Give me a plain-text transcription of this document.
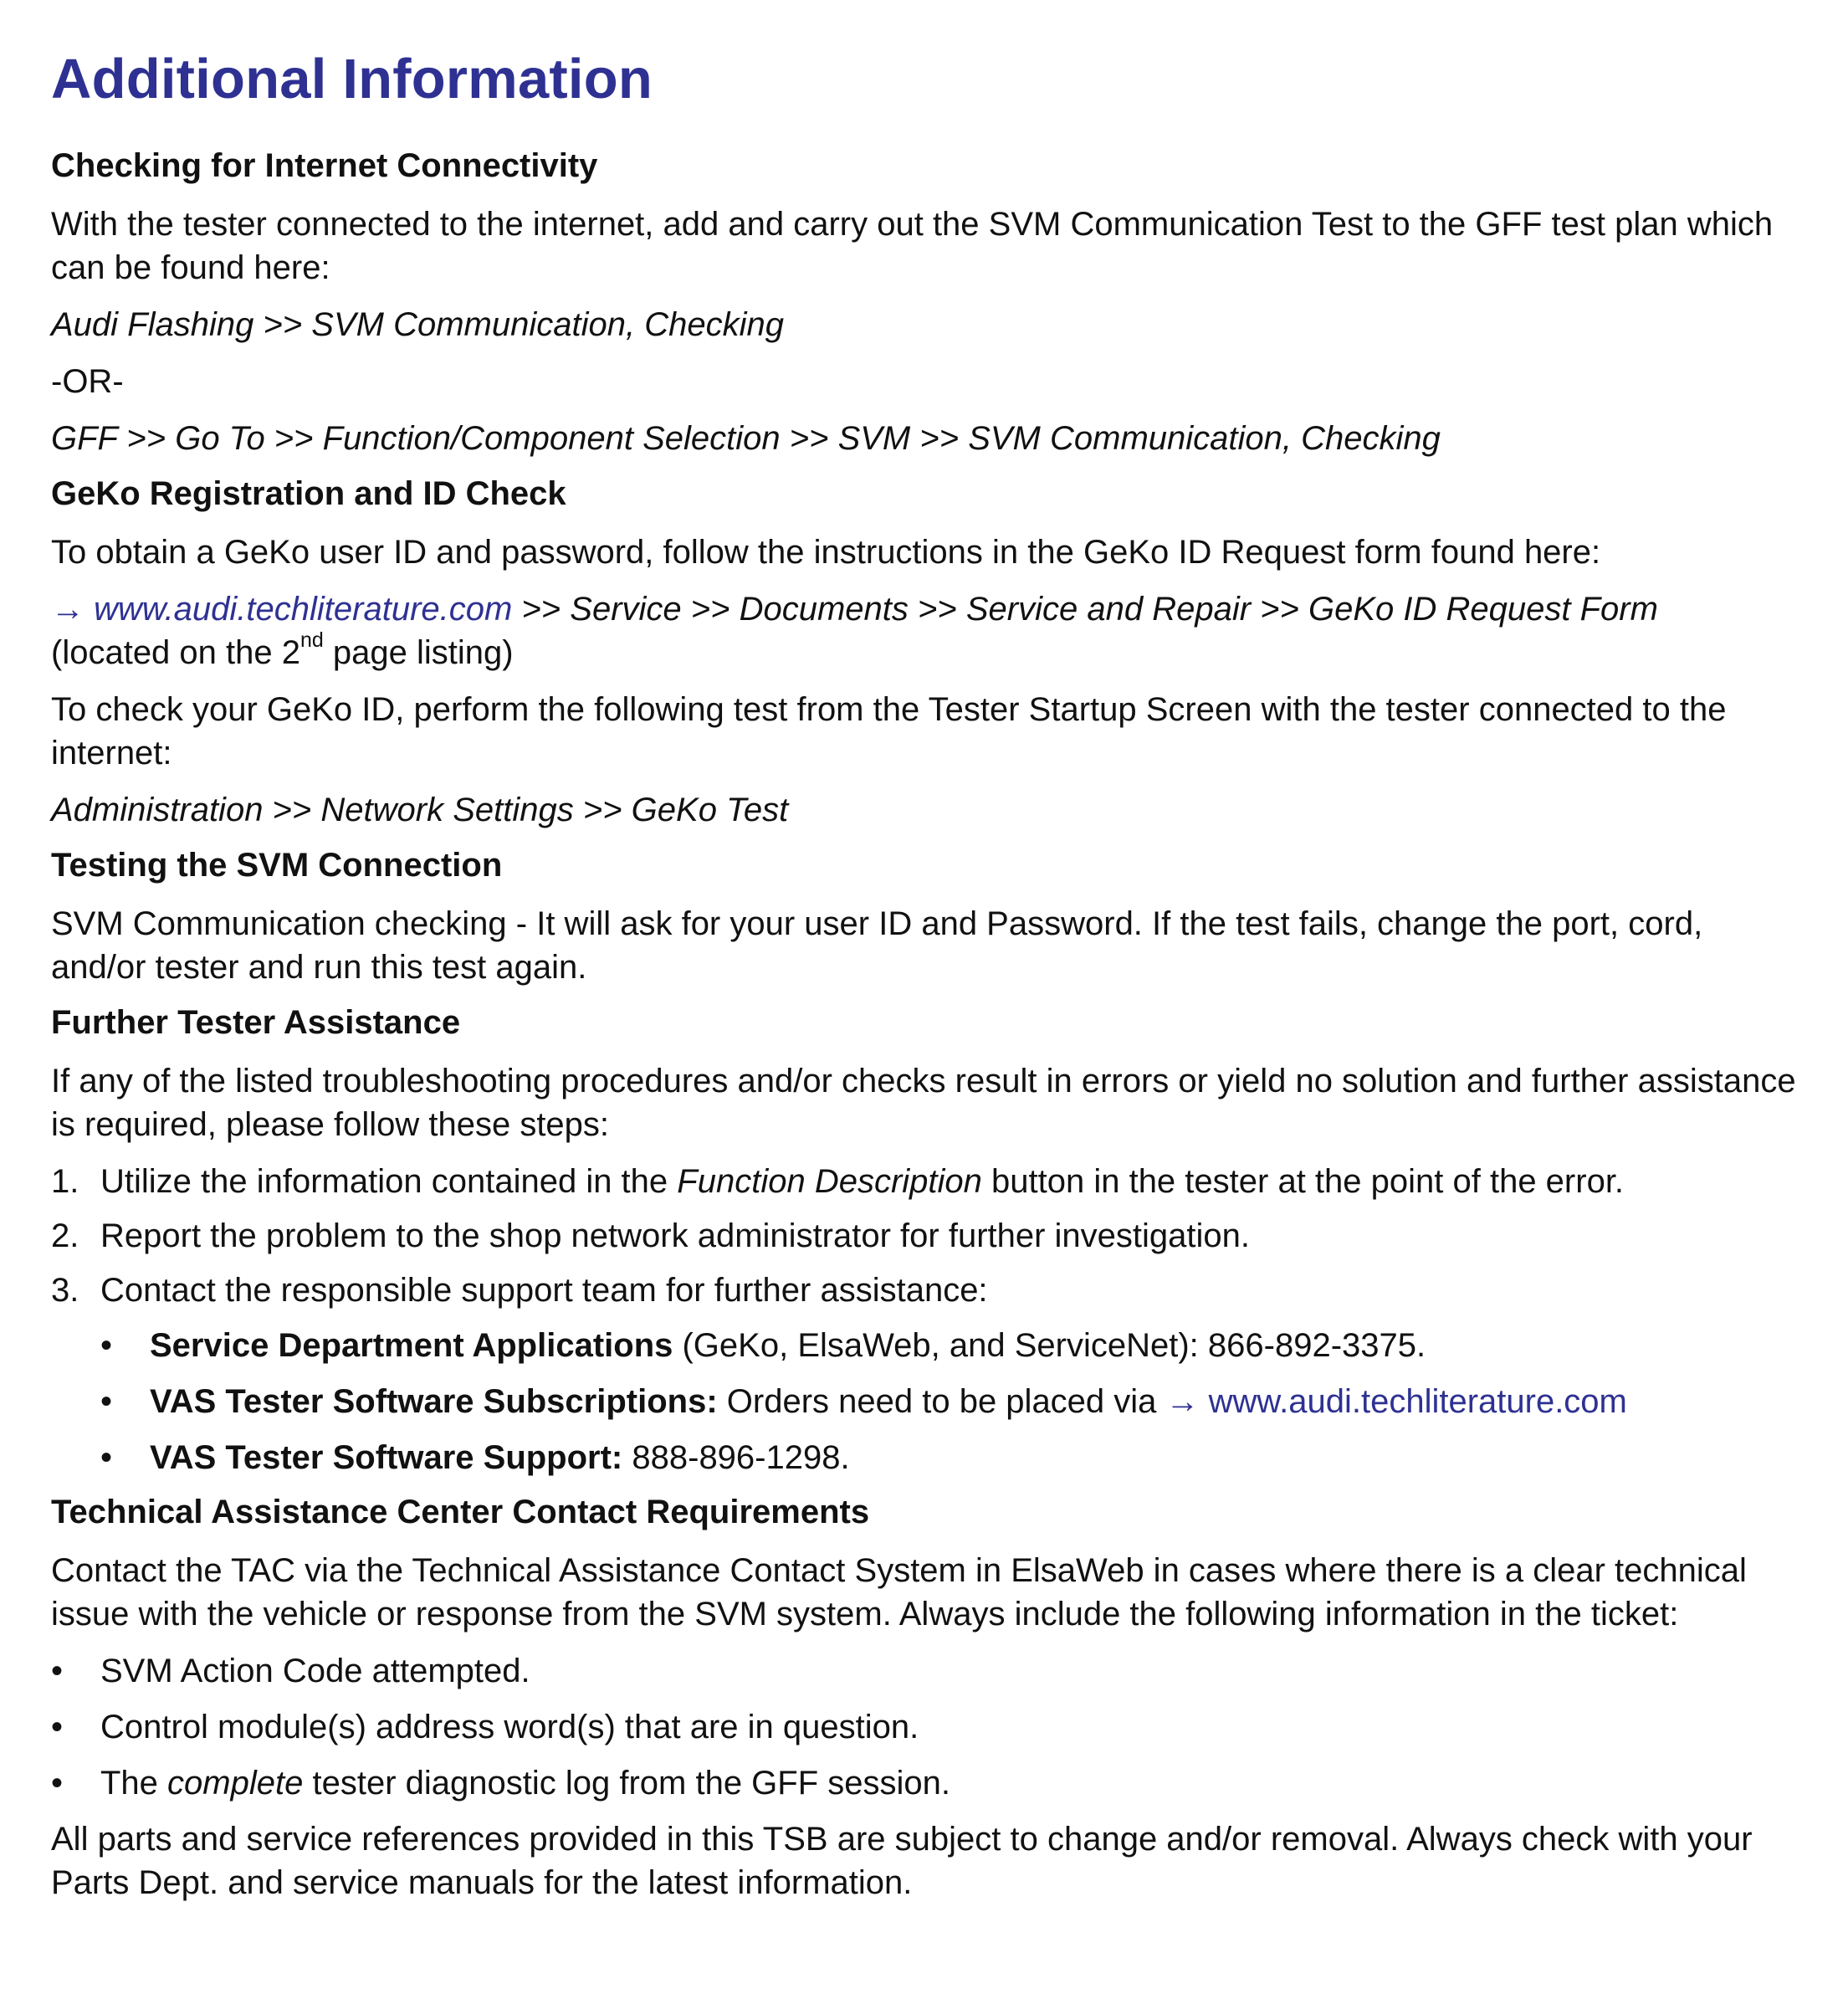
Additional Information
Checking for Internet Connectivity

With the tester connected to the internet, add and carry out the SVM Communication Test to the GFF test plan which can be found here:

Audi Flashing >> SVM Communication, Checking

-OR-

GFF >> Go To >> Function/Component Selection >> SVM >> SVM Communication, Checking

GeKo Registration and ID Check

To obtain a GeKo user ID and password, follow the instructions in the GeKo ID Request form found here:

→ www.audi.techliterature.com >> Service >> Documents >> Service and Repair >> GeKo ID Request Form
(located on the 2nd page listing)

To check your GeKo ID, perform the following test from the Tester Startup Screen with the tester connected to the internet:

Administration >> Network Settings >> GeKo Test

Testing the SVM Connection

SVM Communication checking - It will ask for your user ID and Password. If the test fails, change the port, cord, and/or tester and run this test again.

Further Tester Assistance

If any of the listed troubleshooting procedures and/or checks result in errors or yield no solution and further assistance is required, please follow these steps:

1. Utilize the information contained in the Function Description button in the tester at the point of the error.
2. Report the problem to the shop network administrator for further investigation.
3. Contact the responsible support team for further assistance:
•	Service Department Applications (GeKo, ElsaWeb, and ServiceNet): 866-892-3375.
•	VAS Tester Software Subscriptions: Orders need to be placed via → www.audi.techliterature.com
•	VAS Tester Software Support: 888-896-1298.
Technical Assistance Center Contact Requirements

Contact the TAC via the Technical Assistance Contact System in ElsaWeb in cases where there is a clear technical issue with the vehicle or response from the SVM system. Always include the following information in the ticket:

•	SVM Action Code attempted.
•	Control module(s) address word(s) that are in question.
•	The complete tester diagnostic log from the GFF session.

All parts and service references provided in this TSB are subject to change and/or removal. Always check with your Parts Dept. and service manuals for the latest information.
